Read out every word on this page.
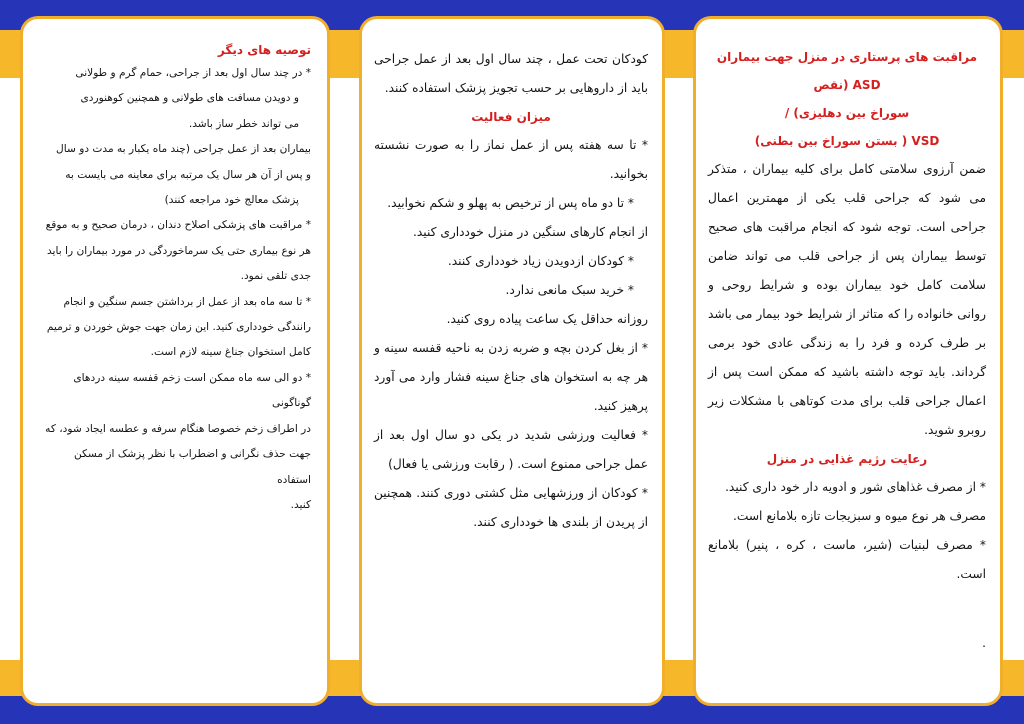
توصیه های دیگر

* در چند سال اول بعد از جراحی، حمام گرم و طولانی

و دویدن مسافت های طولانی و همچنین کوهنوردی

می تواند خطر ساز باشد.

بیماران بعد از عمل جراحی (چند ماه یکبار به مدت دو سال

و پس از آن هر سال یک مرتبه برای معاینه می بایست به

پزشک معالج خود مراجعه کنند)

* مراقبت های پزشکی اصلاح دندان ، درمان صحیح و به موقع

هر نوع بیماری حتی یک سرماخوردگی در مورد بیماران را باید

جدی تلقی نمود.

* تا سه ماه بعد از عمل از برداشتن جسم سنگین و انجام

رانندگی خودداری کنید. این زمان جهت جوش خوردن و ترمیم

کامل استخوان جناغ سینه لازم است.

* دو الی سه ماه ممکن است زخم قفسه سینه دردهای گوناگونی

در اطراف زخم خصوصا هنگام سرفه و عطسه ایجاد شود، که

جهت حذف نگرانی و اضطراب با نظر پزشک از مسکن استفاده

کنید.

کودکان تحت عمل ، چند سال اول بعد از عمل جراحی باید از داروهایی بر حسب تجویز پزشک استفاده کنند.

میزان فعالیت

* تا سه هفته پس از عمل نماز را به صورت نشسته بخوانید.

* تا دو ماه پس از ترخیص به پهلو و شکم نخوابید.

از انجام کارهای سنگین در منزل خودداری کنید.

* کودکان ازدویدن زیاد خودداری کنند.

* خرید سبک مانعی ندارد.

روزانه حداقل یک ساعت پیاده روی کنید.

* از بغل کردن بچه و ضربه زدن به ناحیه قفسه سینه و هر چه به استخوان های جناغ سینه فشار وارد می آورد پرهیز کنید.

* فعالیت ورزشی شدید در یکی دو سال اول بعد از عمل جراحی ممنوع است. ( رقابت ورزشی یا فعال)

* کودکان از ورزشهایی مثل کشتی دوری کنند. همچنین از پریدن از بلندی ها خودداری کنند.

مراقبت های پرستاری در منزل جهت بیماران ASD (نقص
سوراخ بین دهلیزی) /
VSD ( بستن سوراخ بین بطنی)

ضمن آرزوی سلامتی کامل برای کلیه بیماران ، متذکر می شود که جراحی قلب یکی از مهمترین اعمال جراحی است. توجه شود که انجام مراقبت های صحیح توسط بیماران پس از جراحی قلب می تواند ضامن سلامت کامل خود بیماران بوده و شرایط روحی و روانی خانواده را که متاثر از شرایط خود بیمار می باشد بر طرف کرده و فرد را به زندگی عادی خود برمی گرداند. باید توجه داشته باشید که ممکن است پس از اعمال جراحی قلب برای مدت کوتاهی با مشکلات زیر روبرو شوید.

رعایت رژیم غذایی در منزل

* از مصرف غذاهای شور و ادویه دار خود داری کنید.

مصرف هر نوع میوه و سبزیجات تازه بلامانع است.

* مصرف لبنیات (شیر، ماست ، کره ، پنیر) بلامانع است.

.
